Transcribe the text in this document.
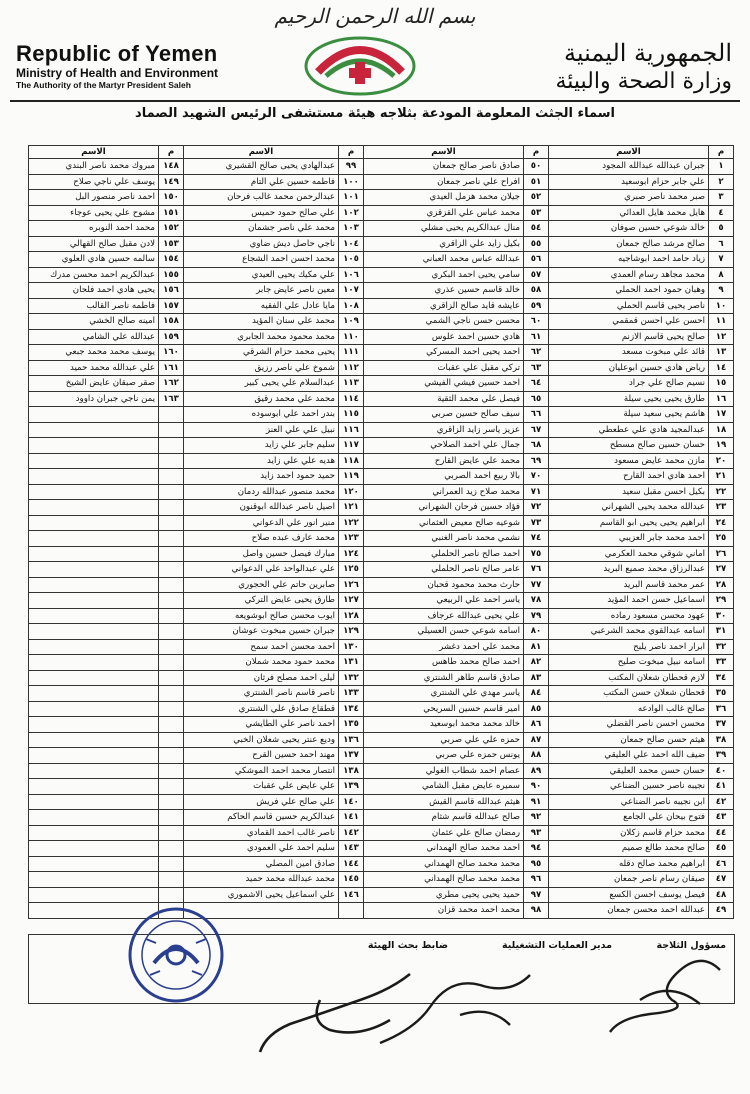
بسم الله الرحمن الرحيم
Republic of Yemen
Ministry of Health and Environment
The Authority of the Martyr President Saleh
الجمهورية اليمنية
وزارة الصحة والبيئة
اسماء الجثث المعلومة المودعة بثلاجه هيئة مستشفى الرئيس الشهيد الصماد
م	الاسم	م	الاسم	م	الاسم	م	الاسم
١	جبران عبدالله عبدالله المجود	٥٠	صادق ناصر صالح جمعان	٩٩	عبدالهادي يحيى صالح القشيري	١٤٨	مبروك محمد ناصر البندي
٢	علي جابر حزام ابوسعيد	٥١	افراح علي ناصر جمعان	١٠٠	فاطمه حسين علي التام	١٤٩	يوسف علي ناجي صلاح
٣	صبر محمد ناصر صبري	٥٢	جيلان محمد هزمل العيدي	١٠١	عبدالرحمن محمد غالب فرحان	١٥٠	احمد ناصر منصور البل
٤	هايل محمد هايل العدائي	٥٣	محمد عباس علي القزقزي	١٠٢	علي صالح حمود حميس	١٥١	مشوح علي يحيى عوجاء
٥	خالد شوعي حسين صوفان	٥٤	منال عبدالكريم يحيى مشلي	١٠٣	محمد علي ناصر جشمان	١٥٢	محمد احمد النوبره
٦	صالح مرشد صالح جمعان	٥٥	بكيل زايد علي الزاقري	١٠٤	ناجي حاصل ديش ضاوي	١٥٣	لادن مقبل صالح القهالي
٧	زياد حامد احمد ابوشاجيه	٥٦	عبدالله عباس محمد العباني	١٠٥	محمد احسن احمد الشجاع	١٥٤	سالمه حسين هادي العلوي
٨	محمد مجاهد رسام العمدي	٥٧	سامي يحيى احمد البكري	١٠٦	علي مكيك يحيى العيدي	١٥٥	عبدالكريم احمد محسن مدرك
٩	وهبان حمود احمد الحملي	٥٨	خالد قاسم حسين عذري	١٠٧	معين ناصر عايض جابر	١٥٦	يحيى هادي احمد فلحان
١٠	ناصر يحيى قاسم الحملي	٥٩	عايشه قايد صالح الزاقري	١٠٨	مايا عادل علي الفقيه	١٥٧	فاطمه ناصر القالب
١١	احسن علي احسن قمقمي	٦٠	محسن حسن ناجي الشمي	١٠٩	محمد علي سنان المؤيد	١٥٨	امينه صالح الخشي
١٢	صالح يحيى قاسم الازنم	٦١	هادي حسين احمد علوس	١١٠	محمد محمود محمد الجابري	١٥٩	عبدالله علي الشامي
١٣	قائد علي مبخوت مسعد	٦٢	احمد يحيى احمد المسركي	١١١	يحيى محمد حزام الشرقي	١٦٠	يوسف محمد محمد جبعي
١٤	رياض هادي حسين ابوعليان	٦٣	تركي مقبل علي عقبات	١١٢	شموخ علي ناصر رزيق	١٦١	علي عبدالله محمد حميد
١٥	نسيم صالح علي جراد	٦٤	احمد حسين فيشي الفيشي	١١٣	عبدالسلام علي يحيى كبير	١٦٢	صقر صبقان عايض الشيخ
١٦	طارق يحيى يحيى سيلة	٦٥	فيصل علي محمد الثقية	١١٤	محمد علي محمد رقيق	١٦٣	يمن ناجي جبران داوود
١٧	هاشم يحيى سعيد سيلة	٦٦	سيف صالح حسين صربي	١١٥	بندر احمد علي ابوسوده		
١٨	عبدالمجيد هادي علي عطعطي	٦٧	عزيز ياسر زايد الزاقري	١١٦	نبيل علي علي العنز		
١٩	حسان حسين صالح مسطح	٦٨	جمال علي احمد الصلاحي	١١٧	سليم جابر علي زايد		
٢٠	مازن محمد عايض مسعود	٦٩	محمد علي عايض القارح	١١٨	هديه علي علي زايد		
٢١	احمد هادي احمد القارح	٧٠	بالا ربيع احمد الصربي	١١٩	حميد حمود احمد زايد		
٢٢	بكيل احسن مقبل سعيد	٧١	محمد صلاح زيد العمراني	١٢٠	محمد منصور عبدالله ردمان		
٢٣	عبدالله محمد يحيى الشهراني	٧٢	فؤاد حسين فرحان الشهراني	١٢١	اصيل ناصر عبدالله ابوقنون		
٢٤	ابراهيم يحيى يحيى ابو القاسم	٧٣	شوعيه صالح معيض العثماني	١٢٢	منير انور علي الدعواني		
٢٥	احمد محمد جابر العزيبي	٧٤	نشمي محمد ناصر الغنبي	١٢٣	محمد عارف عبده صلاح		
٢٦	اماني شوقي محمد العكرمي	٧٥	احمد صالح ناصر الحلملي	١٢٤	مبارك فيصل حسين واصل		
٢٧	عبدالرزاق محمد صميع البريد	٧٦	عامر صالح ناصر الحلملي	١٢٥	علي عبدالواحد علي الدعواني		
٢٨	عمر محمد قاسم البريد	٧٧	حارث محمد محمود قحبان	١٢٦	صابرين حاتم علي الحجوري		
٢٩	اسماعيل حسن احمد المؤيد	٧٨	ياسر احمد علي الربيعي	١٢٧	طارق يحيى عايض التركي		
٣٠	عهود محسن مسعود رماده	٧٩	علي يحيى عبدالله عرجاف	١٢٨	ايوب محسن صالح ابوشويعه		
٣١	اسامه عبدالقوي محمد الشرعبي	٨٠	اسامه شوعي حسن العسيلي	١٢٩	جبران حسين مبخوت عوشان		
٣٢	ابرار احمد ناصر يلبح	٨١	محمد علي احمد دغشر	١٣٠	احمد محسن احمد سمح		
٣٣	اسامه نبيل مبخوت صليح	٨٢	احمد صالح محمد طاهس	١٣١	محمد حمود محمد شملان		
٣٤	لازم قحطان شعلان المكتب	٨٣	صادق قاسم طاهر الشنتري	١٣٢	ليلى احمد مصلح فرثان		
٣٥	قحطان شعلان حسن المكتب	٨٤	ياسر مهدي علي الشنتري	١٣٣	ناصر قاسم ناصر الشنتري		
٣٦	صالح غالب الوادعه	٨٥	امير قاسم حسين السريحي	١٣٤	قطقاع صادق علي الشنتري		
٣٧	محسن احسن ناصر القضلي	٨٦	خالد محمد محمد ابوسعيد	١٣٥	احمد ناصر علي الطايشي		
٣٨	هيثم حسن صالح جمعان	٨٧	حمزه علي علي صربي	١٣٦	وديع عنتر يحيى شعلان الخبي		
٣٩	ضيف الله احمد علي العليقي	٨٨	يونس حمزه علي صربي	١٣٧	مهند احمد حسين القرح		
٤٠	حسان حسن محمد العليقي	٨٩	عصام احمد شطاب الغولي	١٣٨	انتصار محمد احمد الموشكي		
٤١	نجيبه ناصر حسين الضناعي	٩٠	سميره عايض مقبل الشامي	١٣٩	علي عايض علي عقبات		
٤٢	ابن نجيبه ناصر الضناعي	٩١	هيثم عبدالله قاسم القيش	١٤٠	علي صالح علي فريش		
٤٣	فتوح بيحان علي الجامع	٩٢	صالح عبدالله قاسم شثام	١٤١	عبدالكريم حسين قاسم الحاكم		
٤٤	محمد حزام قاسم زكلان	٩٣	رمضان صالح علي عثمان	١٤٢	ناصر غالب احمد القمادي		
٤٥	صالح محمد طالع صميم	٩٤	احمد محمد صالح الهمداني	١٤٣	سليم احمد علي العمودي		
٤٦	ابراهيم محمد صالح دقله	٩٥	محمد محمد صالح الهمداني	١٤٤	صادق امين المصلي		
٤٧	صيقان رسام ناصر جمعان	٩٦	محمد محمد صالح الهمداني	١٤٥	محمد عبدالله محمد حميد		
٤٨	فيصل يوسف احسن الكسع	٩٧	حميد يحيى يحيى مطري	١٤٦	علي اسماعيل يحيى الاشموري		
٤٩	عبدالله احمد محسن جمعان	٩٨	محمد احمد محمد قزان				
مسؤول الثلاجة
مدير العمليات التشغيلية
ضابط بحث الهيئة
